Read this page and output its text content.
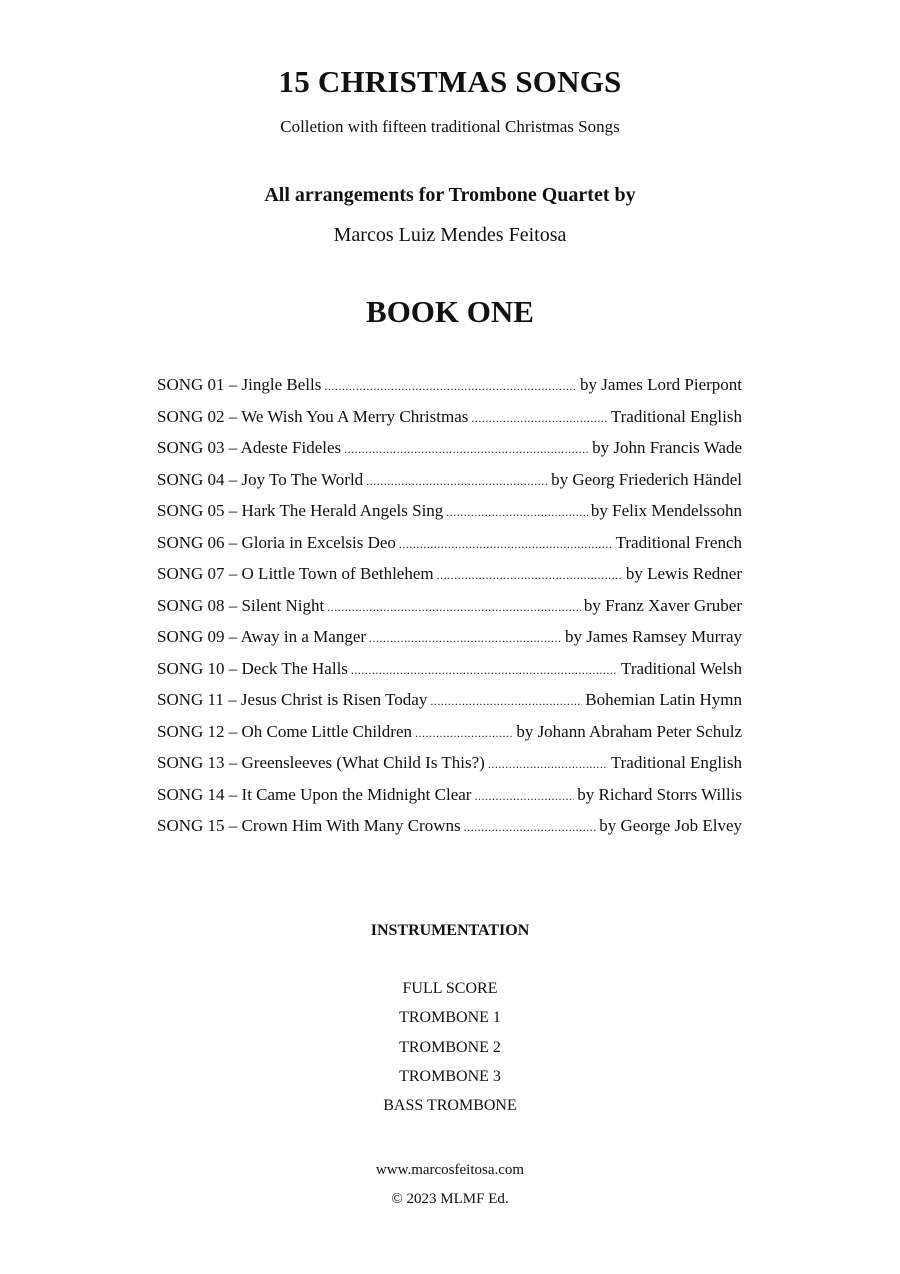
15 CHRISTMAS SONGS
Colletion with fifteen traditional Christmas Songs
All arrangements for Trombone Quartet by
Marcos Luiz Mendes Feitosa
BOOK ONE
SONG 01 – Jingle Bells .....	by James Lord Pierpont
SONG 02 – We Wish You A Merry Christmas .....	Traditional English
SONG 03 – Adeste Fideles .....	by John Francis Wade
SONG 04 – Joy To The World .....	by Georg Friederich Händel
SONG 05 – Hark The Herald Angels Sing .....	by Felix Mendelssohn
SONG 06 – Gloria in Excelsis Deo .....	Traditional French
SONG 07 – O Little Town of Bethlehem .....	by Lewis Redner
SONG 08 – Silent Night .....	by Franz Xaver Gruber
SONG 09 – Away in a Manger .....	by James Ramsey Murray
SONG 10 – Deck The Halls .....	Traditional Welsh
SONG 11 – Jesus Christ is Risen Today .....	Bohemian Latin Hymn
SONG 12 – Oh Come Little Children .....	by Johann Abraham Peter Schulz
SONG 13 – Greensleeves (What Child Is This?) .....	Traditional English
SONG 14 – It Came Upon the Midnight Clear .....	by Richard Storrs Willis
SONG 15 – Crown Him With Many Crowns .....	by George Job Elvey
INSTRUMENTATION
FULL SCORE
TROMBONE 1
TROMBONE 2
TROMBONE 3
BASS TROMBONE
www.marcosfeitosa.com
© 2023 MLMF Ed.
